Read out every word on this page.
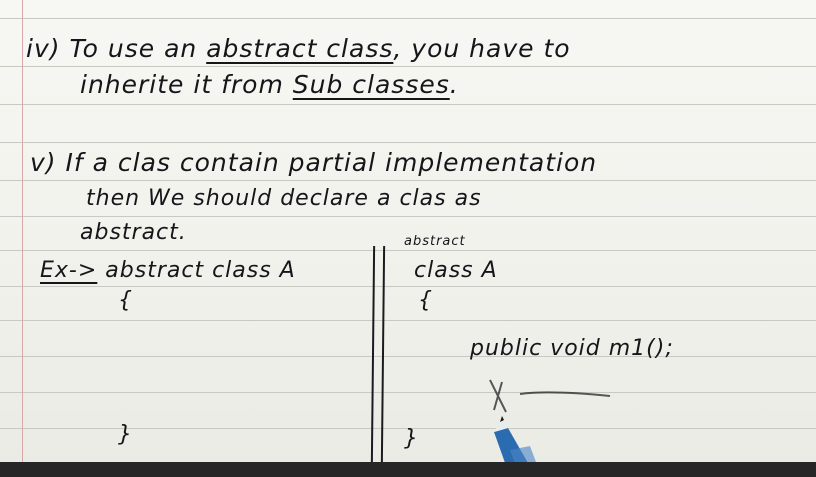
iv) To use an abstract class, you have to
inherite it from Sub classes.
v) If a clas contain partial implementation
then We should declare a clas as
abstract.
Ex-> abstract class A
{
}
abstract
class A
{
public void m1();
}
